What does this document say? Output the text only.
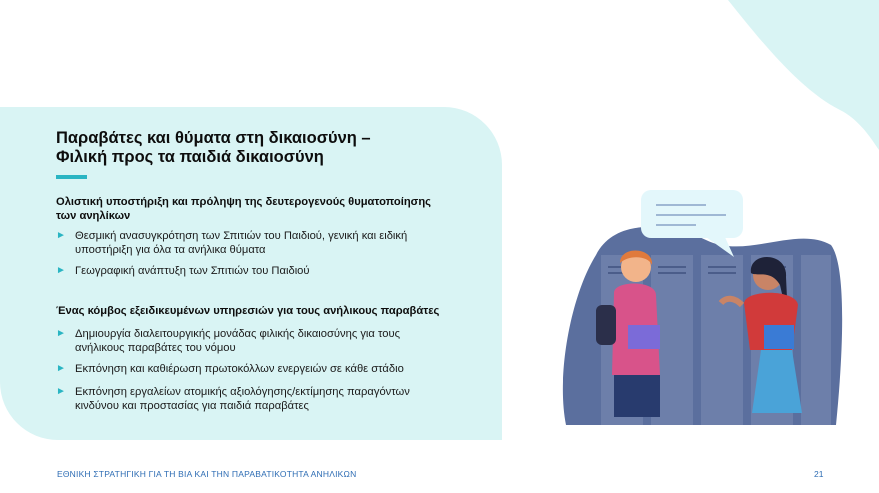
Παραβάτες και θύματα στη δικαιοσύνη –
Φιλική προς τα παιδιά δικαιοσύνη
Ολιστική υποστήριξη και πρόληψη της δευτερογενούς θυματοποίησης
των ανηλίκων
► Θεσμική ανασυγκρότηση των Σπιτιών του Παιδιού, γενική και ειδική
υποστήριξη για όλα τα ανήλικα θύματα
► Γεωγραφική ανάπτυξη των Σπιτιών του Παιδιού
Ένας κόμβος εξειδικευμένων υπηρεσιών για τους ανήλικους παραβάτες
► Δημιουργία διαλειτουργικής μονάδας φιλικής δικαιοσύνης για τους
ανήλικους παραβάτες του νόμου
► Εκπόνηση και καθιέρωση πρωτοκόλλων ενεργειών σε κάθε στάδιο
► Εκπόνηση εργαλείων ατομικής αξιολόγησης/εκτίμησης παραγόντων
κινδύνου και προστασίας για παιδιά παραβάτες
ΕΘΝΙΚΗ ΣΤΡΑΤΗΓΙΚΗ ΓΙΑ ΤΗ ΒΙΑ ΚΑΙ ΤΗΝ ΠΑΡΑΒΑΤΙΚΟΤΗΤΑ ΑΝΗΛΙΚΩΝ	21
